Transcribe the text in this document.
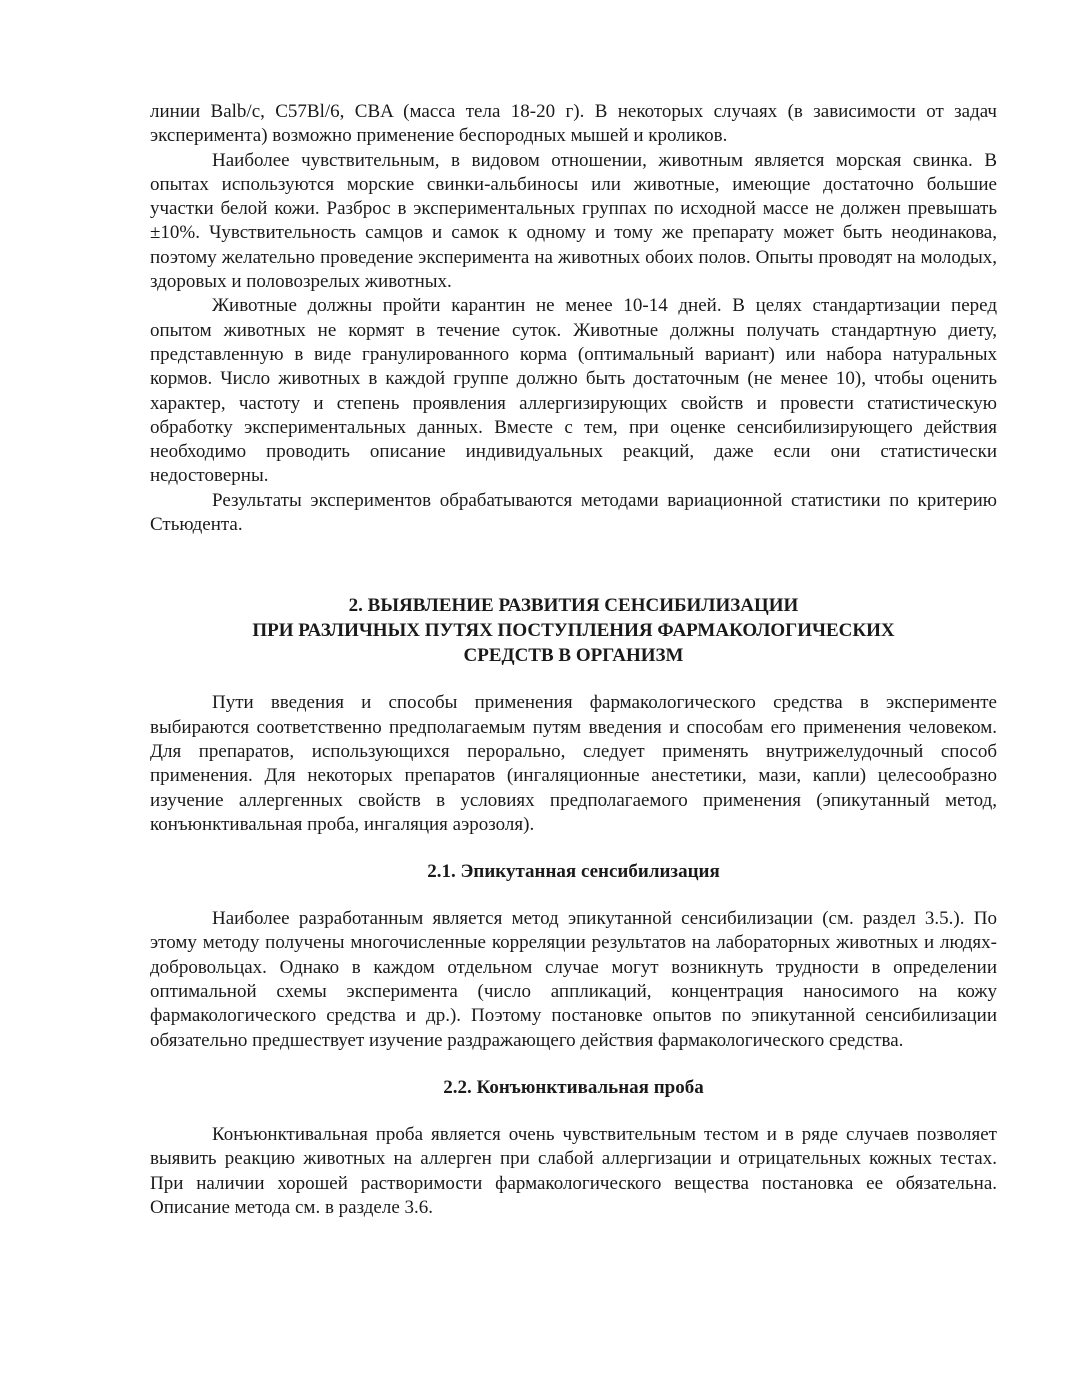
линии Balb/c, C57Bl/6, CBA (масса тела 18-20 г). В некоторых случаях (в зависимости от задач эксперимента) возможно применение беспородных мышей и кроликов.

Наиболее чувствительным, в видовом отношении, животным является морская свинка. В опытах используются морские свинки-альбиносы или животные, имеющие достаточно большие участки белой кожи. Разброс в экспериментальных группах по исходной массе не должен превышать ±10%. Чувствительность самцов и самок к одному и тому же препарату может быть неодинакова, поэтому желательно проведение эксперимента на животных обоих полов. Опыты проводят на молодых, здоровых и половозрелых животных.

Животные должны пройти карантин не менее 10-14 дней. В целях стандартизации перед опытом животных не кормят в течение суток. Животные должны получать стандартную диету, представленную в виде гранулированного корма (оптимальный вариант) или набора натуральных кормов. Число животных в каждой группе должно быть достаточным (не менее 10), чтобы оценить характер, частоту и степень проявления аллергизирующих свойств и провести статистическую обработку экспериментальных данных. Вместе с тем, при оценке сенсибилизирующего действия необходимо проводить описание индивидуальных реакций, даже если они статистически недостоверны.

Результаты экспериментов обрабатываются методами вариационной статистики по критерию Стьюдента.

2. ВЫЯВЛЕНИЕ РАЗВИТИЯ СЕНСИБИЛИЗАЦИИ
ПРИ РАЗЛИЧНЫХ ПУТЯХ ПОСТУПЛЕНИЯ ФАРМАКОЛОГИЧЕСКИХ
СРЕДСТВ В ОРГАНИЗМ

Пути введения и способы применения фармакологического средства в эксперименте выбираются соответственно предполагаемым путям введения и способам его применения человеком. Для препаратов, использующихся перорально, следует применять внутрижелудочный способ применения. Для некоторых препаратов (ингаляционные анестетики, мази, капли) целесообразно изучение аллергенных свойств в условиях предполагаемого применения (эпикутанный метод, конъюнктивальная проба, ингаляция аэрозоля).

2.1. Эпикутанная сенсибилизация

Наиболее разработанным является метод эпикутанной сенсибилизации (см. раздел 3.5.). По этому методу получены многочисленные корреляции результатов на лабораторных животных и людях-добровольцах. Однако в каждом отдельном случае могут возникнуть трудности в определении оптимальной схемы эксперимента (число аппликаций, концентрация наносимого на кожу фармакологического средства и др.). Поэтому постановке опытов по эпикутанной сенсибилизации обязательно предшествует изучение раздражающего действия фармакологического средства.

2.2. Конъюнктивальная проба

Конъюнктивальная проба является очень чувствительным тестом и в ряде случаев позволяет выявить реакцию животных на аллерген при слабой аллергизации и отрицательных кожных тестах. При наличии хорошей растворимости фармакологического вещества постановка ее обязательна. Описание метода см. в разделе 3.6.
